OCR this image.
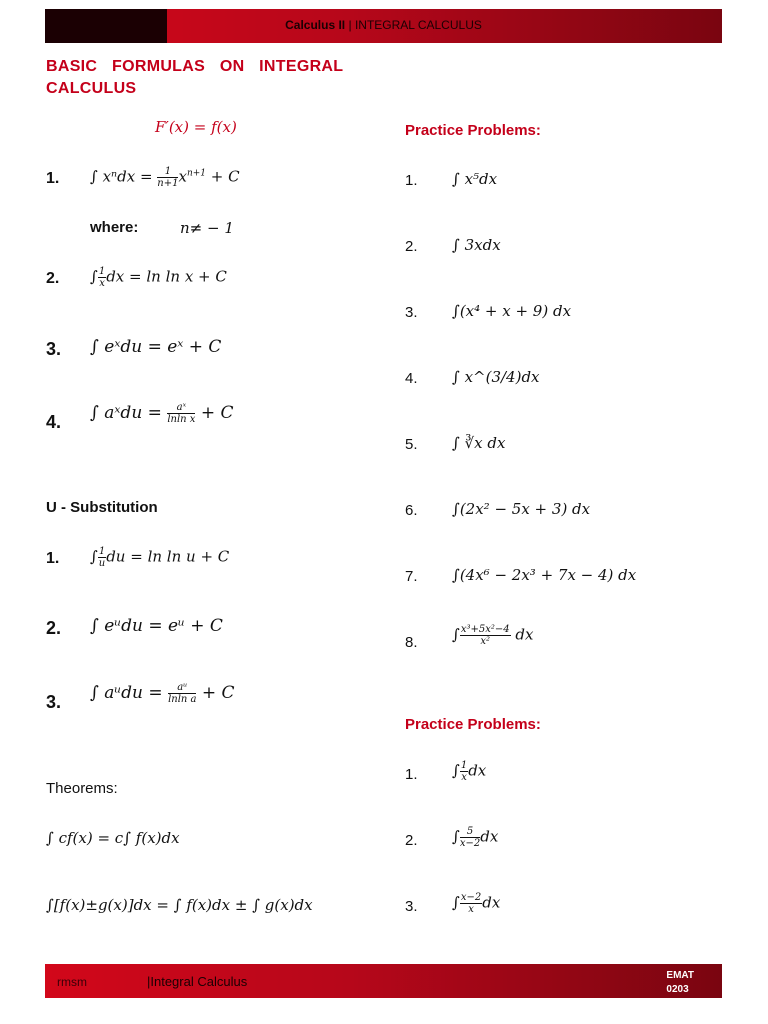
Calculus II | INTEGRAL CALCULUS
BASIC FORMULAS ON INTEGRAL CALCULUS
F′(x) = f(x)
1. ∫ $x^ndx = \frac{1}{n+1} x^{n+1} + C$
where:	n≠ − 1
2. ∫ $\frac{1}{x}$ dx = ln ln x + C
3. ∫ eˣdu = eˣ + C
4. ∫ aˣdu = $\frac{\text{aˣ}}{\text{lnln x}} + C$
U - Substitution
1. ∫ $\frac{1}{u}$ du = ln ln u + C
2. ∫ eᵘdu = eᵘ + C
3. ∫ aᵘdu = $\frac{\text{aᵘ}}{\text{lnln a}} + C$
Theorems:
∫ cf(x) = c∫ f(x)dx
∫[f(x)±g(x)]dx = ∫ f(x)dx ± ∫ g(x)dx
Practice Problems:
1. ∫ x⁵dx
2. ∫ 3xdx
3. ∫(x⁴ + x + 9) dx
4. ∫ x^(3/4)dx
5. ∫ ∛x dx
6. ∫(2x² − 5x + 3) dx
7. ∫(4x⁶ − 2x³ + 7x − 4) dx
8. ∫ $\frac{\text{x³+5x²−4}}{\text{x²}}$ dx
Practice Problems:
1. ∫ $\frac{1}{x}$ dx
2. ∫ $\frac{5}{x-2}$ dx
3. ∫ $\frac{x-2}{x}$ dx
rmsm	|Integral Calculus	EMAT
0203
